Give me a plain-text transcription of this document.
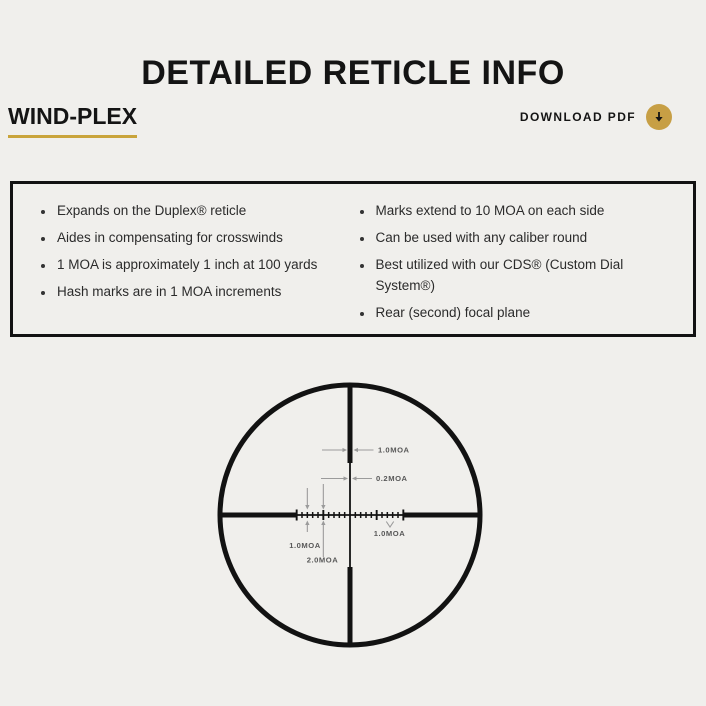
DETAILED RETICLE INFO
WIND-PLEX	DOWNLOAD PDF
• Expands on the Duplex® reticle
• Aides in compensating for crosswinds
• 1 MOA is approximately 1 inch at 100 yards
• Hash marks are in 1 MOA increments
• Marks extend to 10 MOA on each side
• Can be used with any caliber round
• Best utilized with our CDS® (Custom Dial System®)
• Rear (second) focal plane
1.0MOA
0.2MOA
1.0MOA
2.0MOA
1.0MOA
